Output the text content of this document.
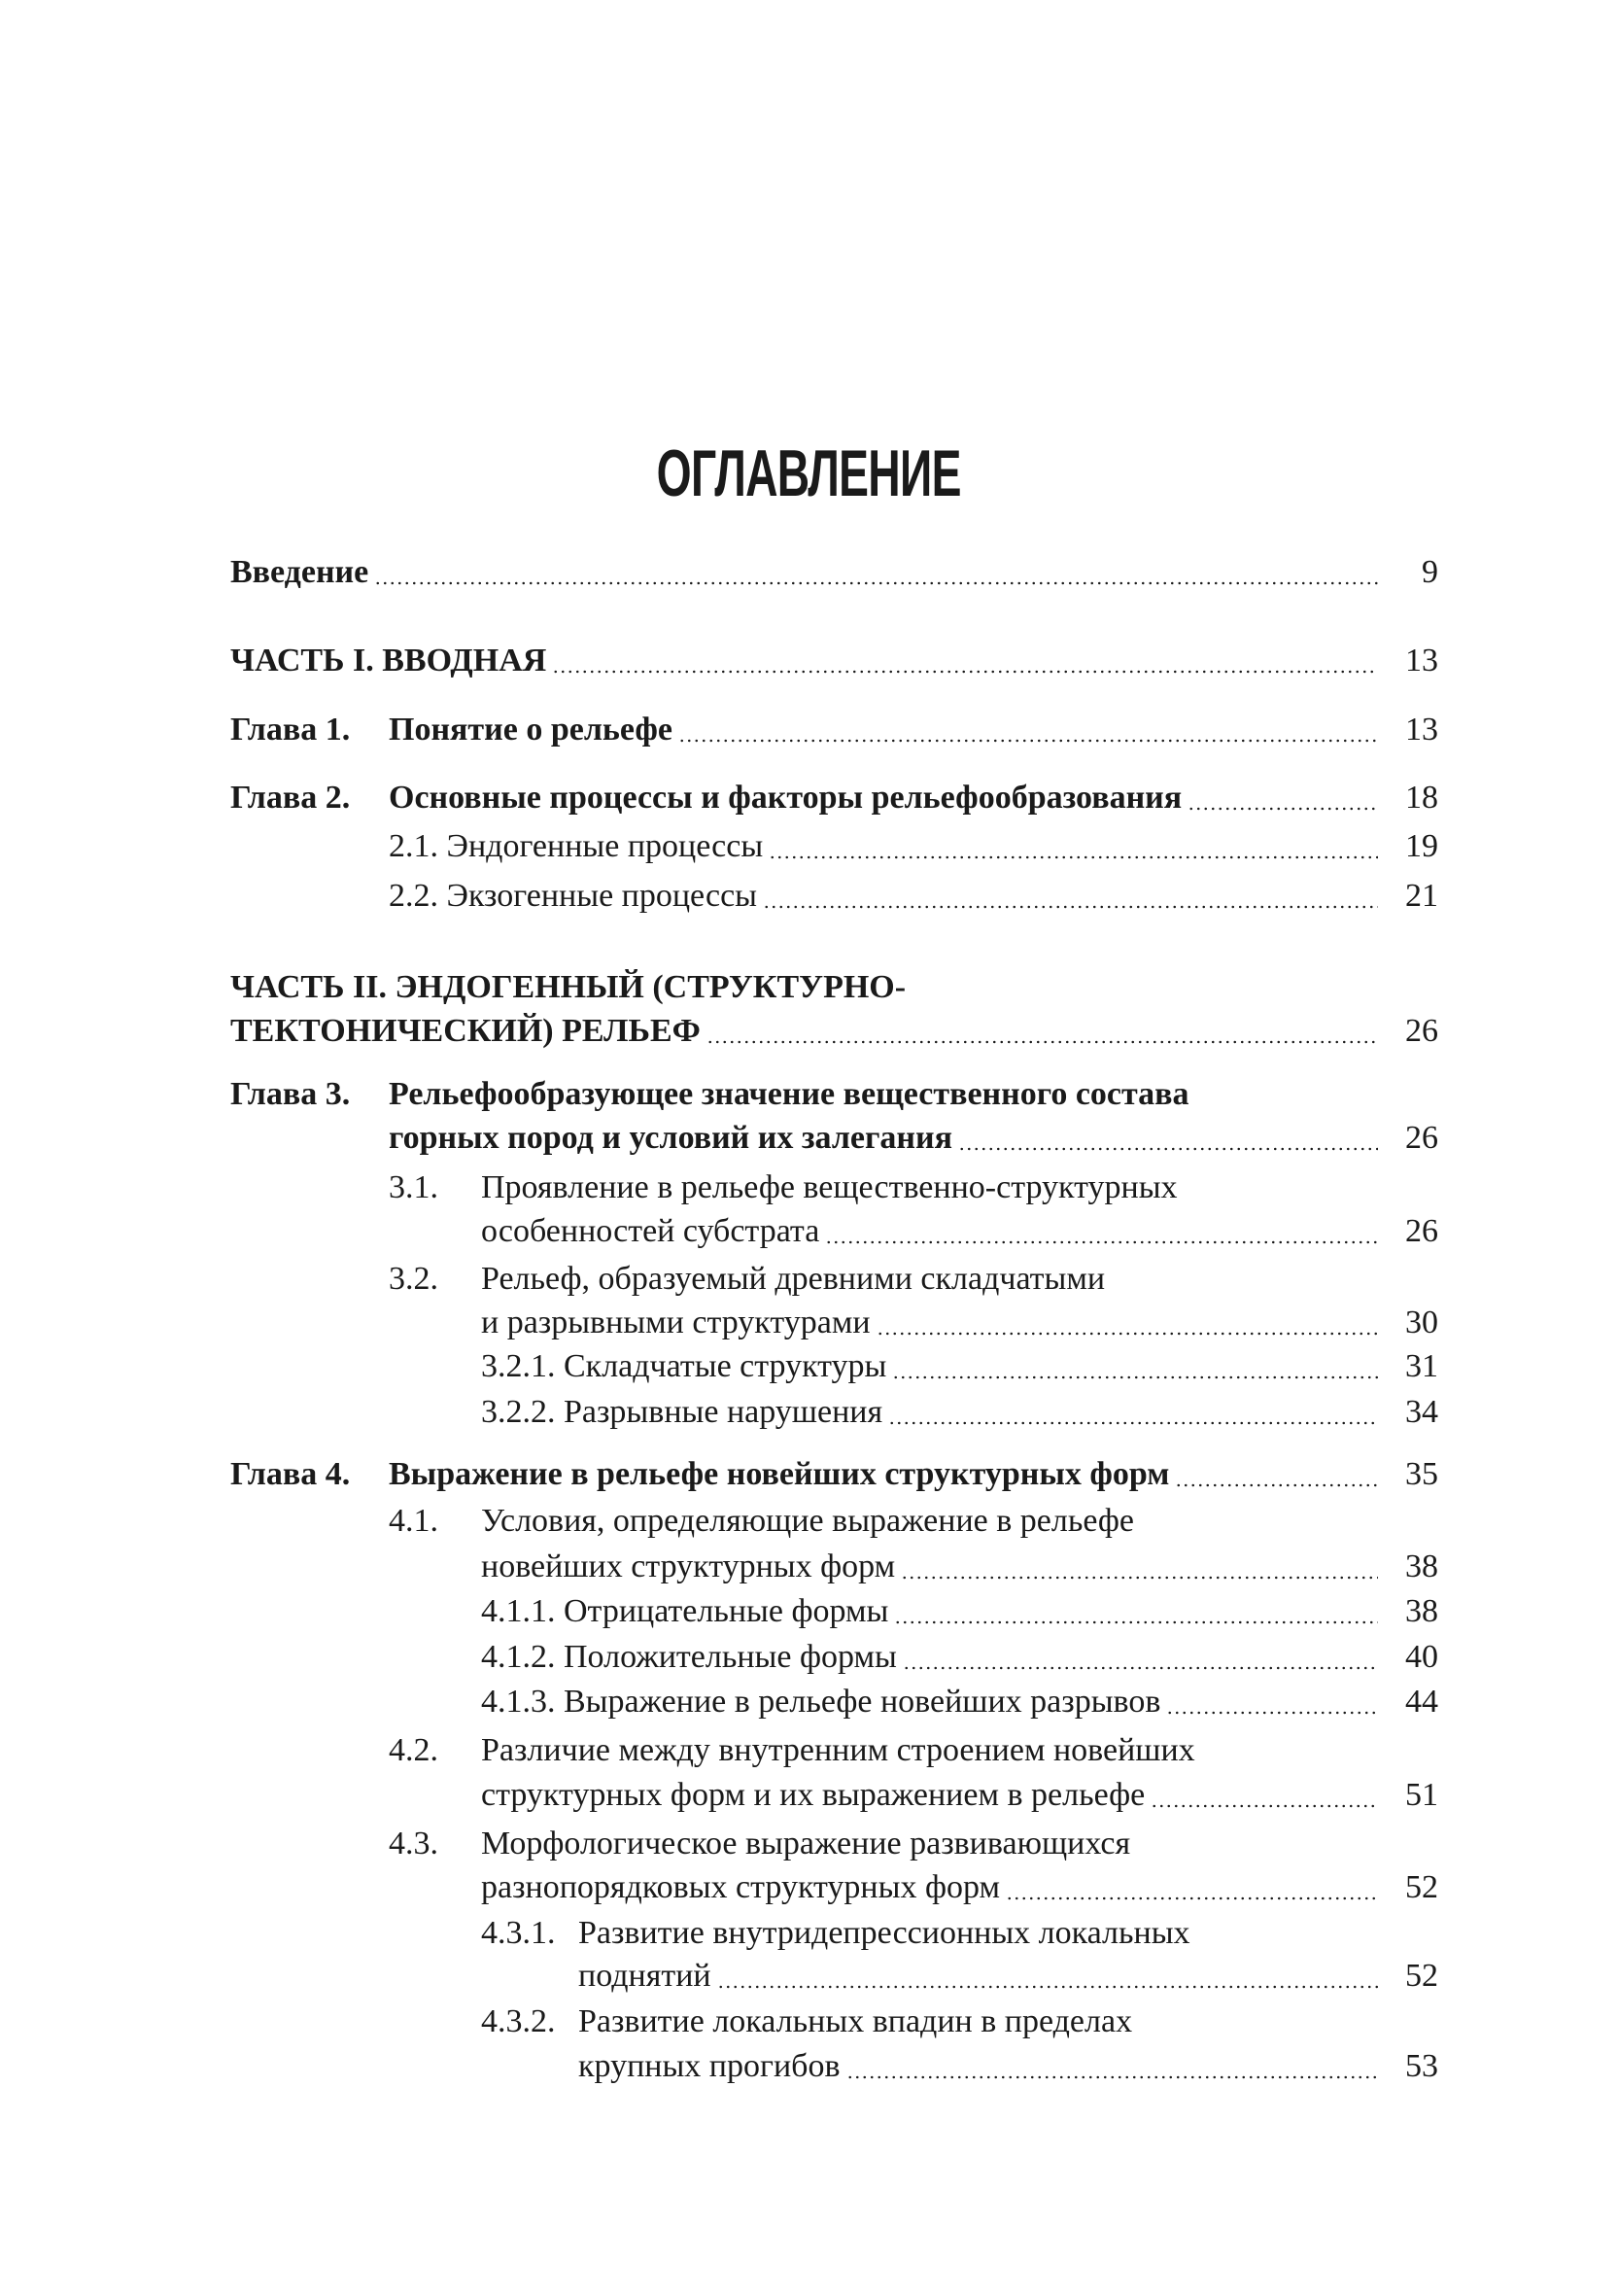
ОГЛАВЛЕНИЕ
Введение	9
ЧАСТЬ I. ВВОДНАЯ	13
Глава 1. Понятие о рельефе	13
Глава 2. Основные процессы и факторы рельефообразования	18
2.1. Эндогенные процессы	19
2.2. Экзогенные процессы	21
ЧАСТЬ II. ЭНДОГЕННЫЙ (СТРУКТУРНО-
ТЕКТОНИЧЕСКИЙ) РЕЛЬЕФ	26
Глава 3. Рельефообразующее значение вещественного состава
горных пород и условий их залегания	26
3.1. Проявление в рельефе вещественно-структурных
особенностей субстрата	26
3.2. Рельеф, образуемый древними складчатыми
и разрывными структурами	30
3.2.1. Складчатые структуры	31
3.2.2. Разрывные нарушения	34
Глава 4. Выражение в рельефе новейших структурных форм	35
4.1. Условия, определяющие выражение в рельефе
новейших структурных форм	38
4.1.1. Отрицательные формы	38
4.1.2. Положительные формы	40
4.1.3. Выражение в рельефе новейших разрывов	44
4.2. Различие между внутренним строением новейших
структурных форм и их выражением в рельефе	51
4.3. Морфологическое выражение развивающихся
разнопорядковых структурных форм	52
4.3.1. Развитие внутридепрессионных локальных
поднятий	52
4.3.2. Развитие локальных впадин в пределах
крупных прогибов	53
